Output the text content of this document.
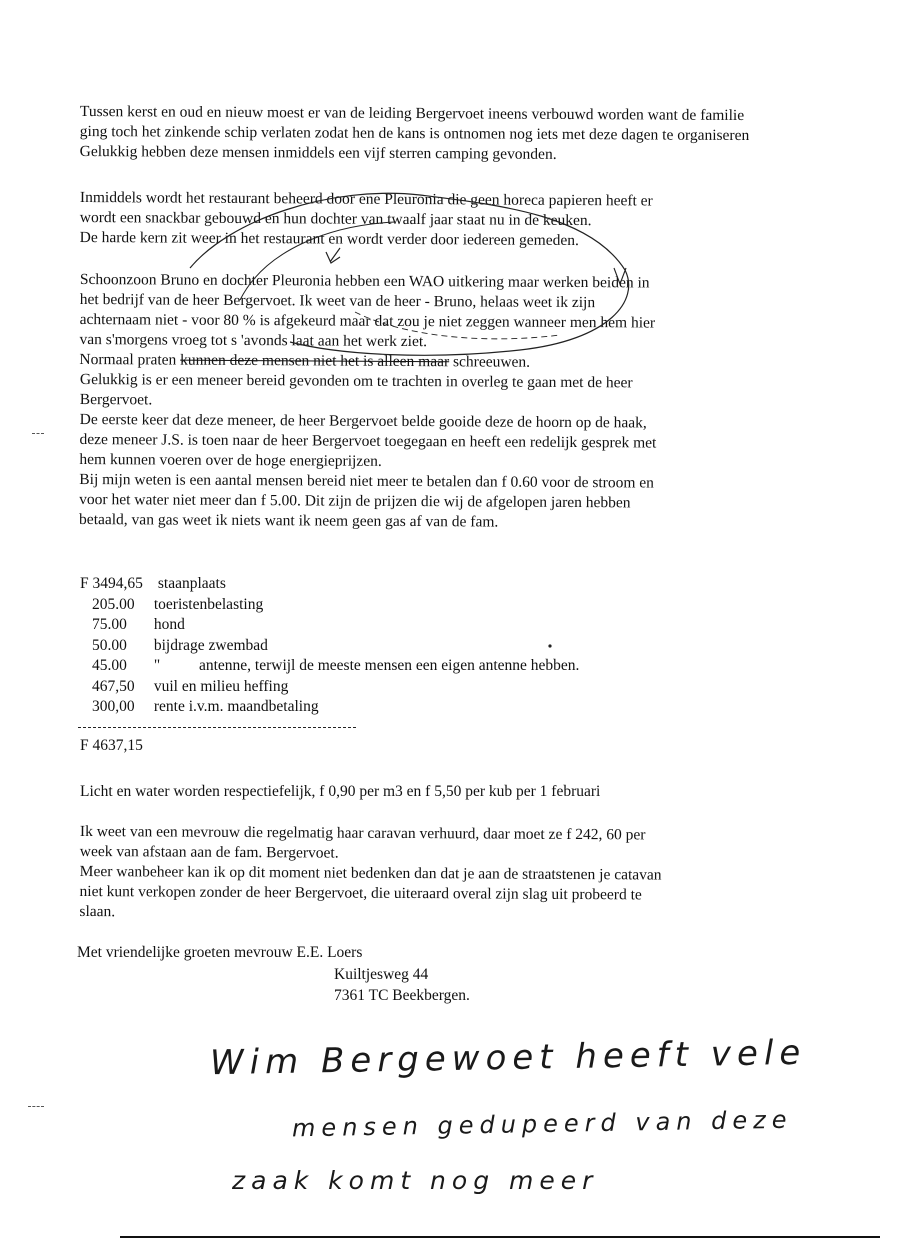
Tussen kerst en oud en nieuw moest er van de leiding Bergervoet ineens verbouwd worden want de familie

ging toch het zinkende schip verlaten zodat hen de kans is ontnomen nog iets met deze dagen te organiseren

Gelukkig hebben deze mensen inmiddels een vijf sterren camping gevonden.

Inmiddels wordt het restaurant beheerd door ene Pleuronia die geen horeca papieren heeft er

wordt een snackbar gebouwd en hun dochter van twaalf jaar staat nu in de keuken.

De harde kern zit weer in het restaurant en wordt verder door iedereen gemeden.

Schoonzoon Bruno en dochter Pleuronia hebben een WAO uitkering maar werken beiden in

het bedrijf van de heer Bergervoet. Ik weet van de heer - Bruno, helaas weet ik zijn

achternaam niet - voor 80 % is afgekeurd maar dat zou je niet zeggen wanneer men hem hier

van s'morgens vroeg tot s 'avonds laat aan het werk ziet.

Normaal praten kunnen deze mensen niet het is alleen maar schreeuwen.

Gelukkig is er een meneer bereid gevonden om te trachten in overleg te gaan met de heer

Bergervoet.

De eerste keer dat deze meneer, de heer Bergervoet belde gooide deze de hoorn op de haak,

deze meneer J.S. is toen naar de heer Bergervoet toegegaan en heeft een redelijk gesprek met

hem kunnen voeren over de hoge energieprijzen.

Bij mijn weten is een aantal mensen bereid niet meer te betalen dan f 0.60 voor de stroom en

voor het water niet meer dan f 5.00. Dit zijn de prijzen die wij de afgelopen jaren hebben

betaald, van gas weet ik niets want ik neem geen gas af van de fam.

F 3494,65 staanplaats
205.00 toeristenbelasting
75.00 hond
50.00 bijdrage zwembad
45.00 "          antenne, terwijl de meeste mensen een eigen antenne hebben.
467,50 vuil en milieu heffing
300,00 rente i.v.m. maandbetaling
F 4637,15
Licht en water worden respectiefelijk, f 0,90 per m3 en f 5,50 per kub per 1 februari

Ik weet van een mevrouw die regelmatig haar caravan verhuurd, daar moet ze f 242, 60 per

week van afstaan aan de fam. Bergervoet.

Meer wanbeheer kan ik op dit moment niet bedenken dan dat je aan de straatstenen je catavan

niet kunt verkopen zonder de heer Bergervoet, die uiteraard overal zijn slag uit probeerd te

slaan.

Met vriendelijke groeten mevrouw E.E. Loers
Kuiltjesweg 44
7361 TC Beekbergen.
Wim Bergewoet heeft vele
mensen gedupeerd van deze
zaak komt nog meer
